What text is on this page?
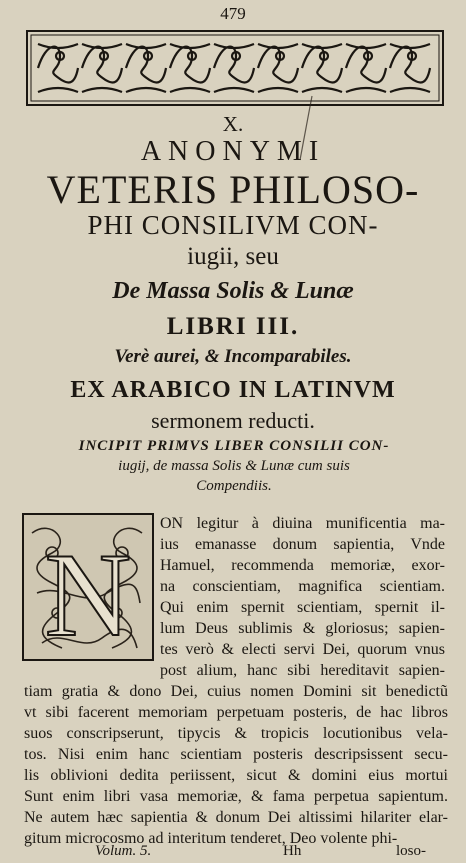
479
X.
ANONYMI
VETERIS PHILOSO-
PHI CONSILIVM CON-
iugii, seu
De Massa Solis & Lunæ
LIBRI III.
Verè aurei, & Incomparabiles.
EX ARABICO IN LATINVM
sermonem reducti.
INCIPIT PRIMVS LIBER CONSILII CON-
iugij, de massa Solis & Lunæ cum suis
Compendiis.
N
ON legitur à diuina munificentia ma-
ius emanasse donum sapientia, Vnde
Hamuel, recommenda memoriæ, exor-
na conscientiam, magnifica scientiam.
Qui enim spernit scientiam, spernit il-
lum Deus sublimis & gloriosus; sapien-
tes verò & electi servi Dei, quorum vnus
post alium, hanc sibi hereditavit sapien-
tiam gratia & dono Dei, cuius nomen Domini sit benedictũ
vt sibi facerent memoriam perpetuam posteris, de hac libros
suos conscripserunt, tipycis & tropicis locutionibus vela-
tos. Nisi enim hanc scientiam posteris descripsissent secu-
lis oblivioni dedita periissent, sicut & domini eius mortui
Sunt enim libri vasa memoriæ, & fama perpetua sapientum.
Ne autem hæc sapientia & donum Dei altissimi hilariter elar-
gitum microcosmo ad interitum tenderet, Deo volente phi-
Volum. 5.	Hh	loso-
